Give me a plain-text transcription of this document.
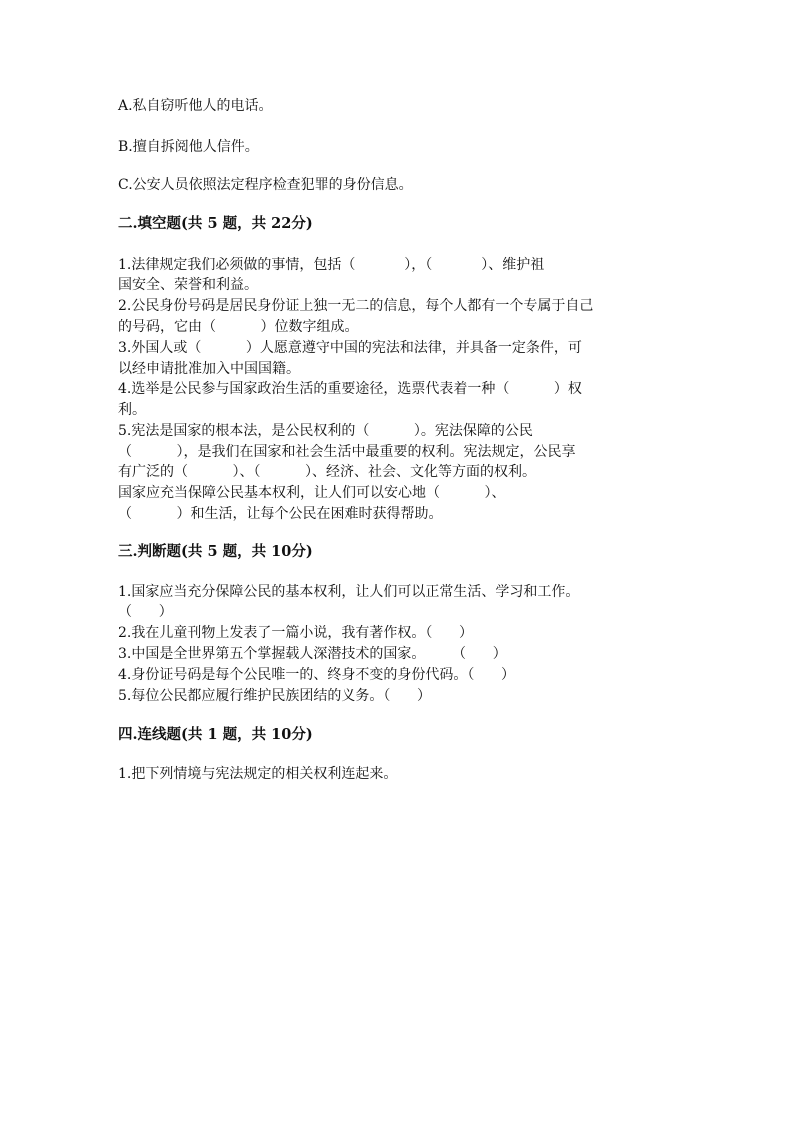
A.私自窃听他人的电话。
B.擅自拆阅他人信件。
C.公安人员依照法定程序检查犯罪的身份信息。
二.填空题(共 5 题，共 22分)
1.法律规定我们必须做的事情，包括（           ），（           ）、维护祖
国安全、荣誉和利益。
2.公民身份号码是居民身份证上独一无二的信息，每个人都有一个专属于自己
的号码，它由（          ）位数字组成。
3.外国人或（          ）人愿意遵守中国的宪法和法律，并具备一定条件，可
以经申请批准加入中国国籍。
4.选举是公民参与国家政治生活的重要途径，选票代表着一种（          ）权
利。
5.宪法是国家的根本法，是公民权利的（          ）。宪法保障的公民
（          ），是我们在国家和社会生活中最重要的权利。宪法规定，公民享
有广泛的（          ）、（          ）、经济、社会、文化等方面的权利。
国家应充当保障公民基本权利，让人们可以安心地（          ）、
（          ）和生活，让每个公民在困难时获得帮助。
三.判断题(共 5 题，共 10分)
1.国家应当充分保障公民的基本权利，让人们可以正常生活、学习和工作。
（      ）
2.我在儿童刊物上发表了一篇小说，我有著作权。（      ）
3.中国是全世界第五个掌握载人深潜技术的国家。      （      ）
4.身份证号码是每个公民唯一的、终身不变的身份代码。（      ）
5.每位公民都应履行维护民族团结的义务。（      ）
四.连线题(共 1 题，共 10分)
1.把下列情境与宪法规定的相关权利连起来。
